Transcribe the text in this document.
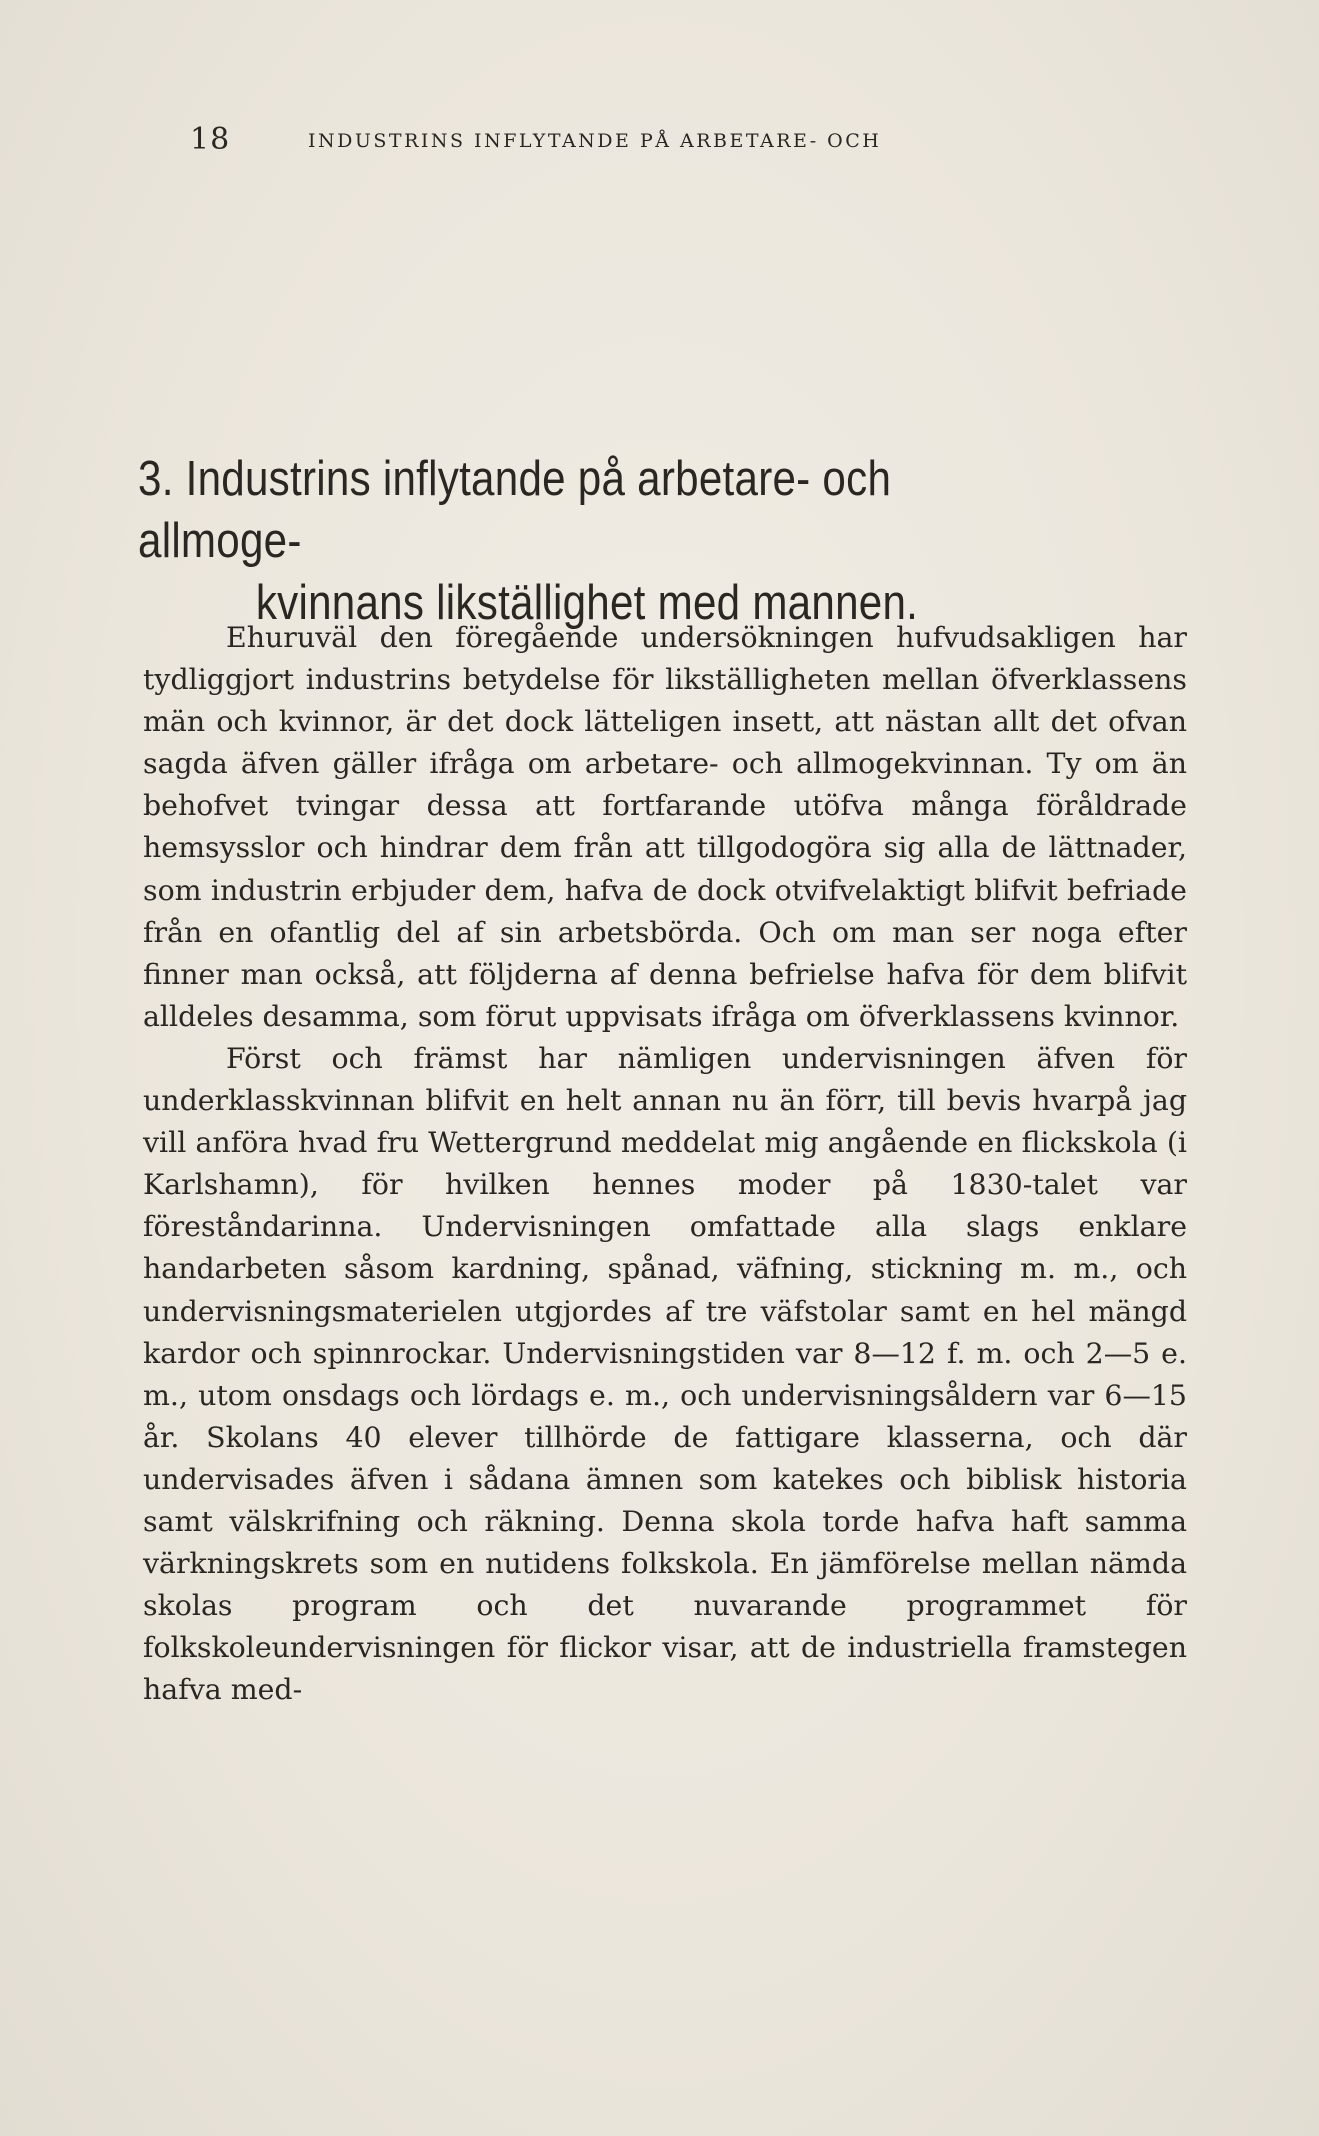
18	INDUSTRINS INFLYTANDE PÅ ARBETARE- OCH
3. Industrins inflytande på arbetare- och allmoge-
kvinnans likställighet med mannen.

Ehuruväl den föregående undersökningen hufvudsakligen har tydliggjort industrins betydelse för likställigheten mellan öfverklassens män och kvinnor, är det dock lätteligen insett, att nästan allt det ofvan sagda äfven gäller ifråga om arbetare- och allmogekvinnan. Ty om än behofvet tvingar dessa att fortfarande utöfva många föråldrade hemsysslor och hindrar dem från att tillgodogöra sig alla de lättnader, som industrin erbjuder dem, hafva de dock otvifvelaktigt blifvit befriade från en ofantlig del af sin arbetsbörda. Och om man ser noga efter finner man också, att följderna af denna befrielse hafva för dem blifvit alldeles desamma, som förut uppvisats ifråga om öfverklassens kvinnor.

Först och främst har nämligen undervisningen äfven för underklasskvinnan blifvit en helt annan nu än förr, till bevis hvarpå jag vill anföra hvad fru Wettergrund meddelat mig angående en flickskola (i Karlshamn), för hvilken hennes moder på 1830-talet var föreståndarinna. Undervisningen omfattade alla slags enklare handarbeten såsom kardning, spånad, väfning, stickning m. m., och undervisningsmaterielen utgjordes af tre väfstolar samt en hel mängd kardor och spinnrockar. Undervisningstiden var 8—12 f. m. och 2—5 e. m., utom onsdags och lördags e. m., och undervisningsåldern var 6—15 år. Skolans 40 elever tillhörde de fattigare klasserna, och där undervisades äfven i sådana ämnen som katekes och biblisk historia samt välskrifning och räkning. Denna skola torde hafva haft samma värkningskrets som en nutidens folkskola. En jämförelse mellan nämda skolas program och det nuvarande programmet för folkskoleundervisningen för flickor visar, att de industriella framstegen hafva med-
